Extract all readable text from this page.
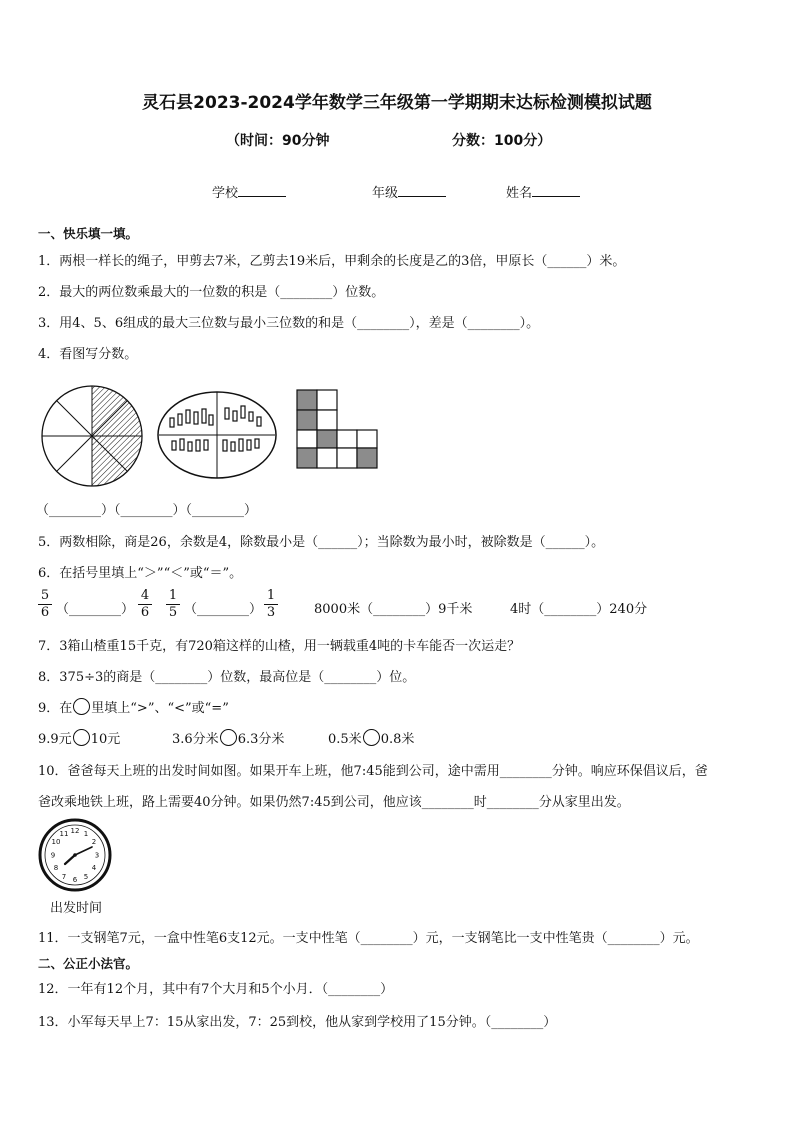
灵石县2023-2024学年数学三年级第一学期期末达标检测模拟试题
（时间：90分钟	分数：100分）
学校	年级	姓名
一、快乐填一填。
1．两根一样长的绳子，甲剪去7米，乙剪去19米后，甲剩余的长度是乙的3倍，甲原长（______）米。
2．最大的两位数乘最大的一位数的积是（________）位数。
3．用4、5、6组成的最大三位数与最小三位数的和是（________），差是（________）。
4．看图写分数。
（________）（________）（________）
5．两数相除，商是26，余数是4，除数最小是（______）；当除数为最小时，被除数是（______）。
6．在括号里填上“＞”“＜”或“＝”。
$\frac{5}{6}$ （________） $\frac{4}{6} \frac{1}{5}$ （________） $\frac{1}{3}$	8000米（________）9千米	4时（________）240分
7．3箱山楂重15千克，有720箱这样的山楂，用一辆载重4吨的卡车能否一次运走？
8．375÷3的商是（________）位数，最高位是（________）位。
9．在 里填上“>”、“<”或“=”
9.9元 10元	3.6分米 6.3分米	0.5米 0.8米
10．爸爸每天上班的出发时间如图。如果开车上班，他7:45能到公司，途中需用________分钟。响应环保倡议后，爸
爸改乘地铁上班，路上需要40分钟。如果仍然7:45到公司，他应该________时________分从家里出发。
12 1
2
3
4
5
6
7
8
9
10
11
出发时间
11．一支钢笔7元，一盒中性笔6支12元。一支中性笔（________）元，一支钢笔比一支中性笔贵（________）元。
二、公正小法官。
12．一年有12个月，其中有7个大月和5个小月．（________）
13．小军每天早上7：15从家出发，7：25到校，他从家到学校用了15分钟。（________）
